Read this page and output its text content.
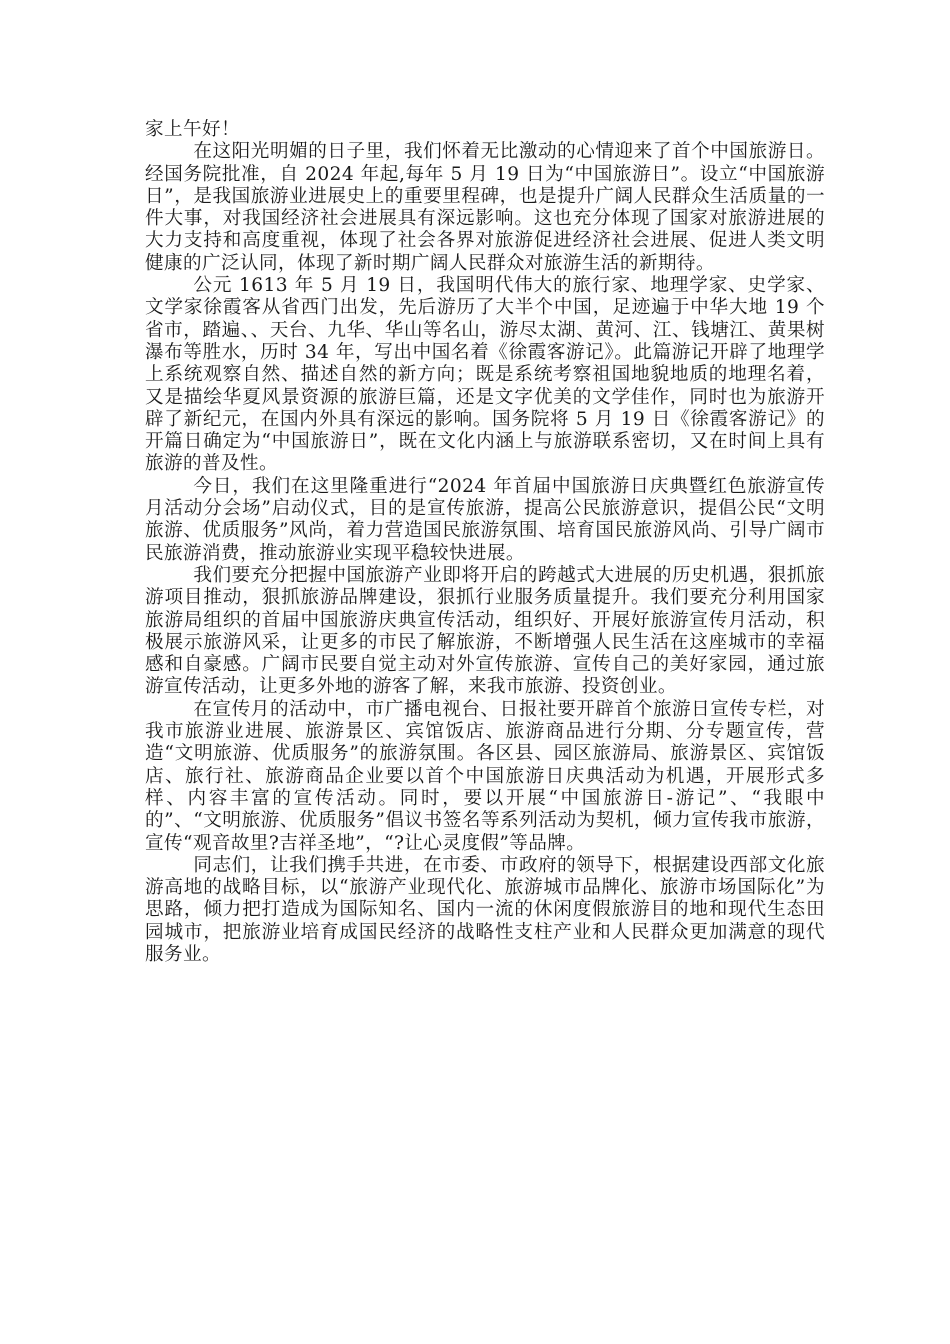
家上午好！

在这阳光明媚的日子里，我们怀着无比激动的心情迎来了首个中国旅游日。经国务院批准，自 2024 年起,每年 5 月 19 日为“中国旅游日”。设立“中国旅游日”，是我国旅游业进展史上的重要里程碑，也是提升广阔人民群众生活质量的一件大事，对我国经济社会进展具有深远影响。这也充分体现了国家对旅游进展的大力支持和高度重视，体现了社会各界对旅游促进经济社会进展、促进人类文明健康的广泛认同，体现了新时期广阔人民群众对旅游生活的新期待。

公元 1613 年 5 月 19 日，我国明代伟大的旅行家、地理学家、史学家、文学家徐霞客从省西门出发，先后游历了大半个中国，足迹遍于中华大地 19 个省市，踏遍、、天台、九华、华山等名山，游尽太湖、黄河、江、钱塘江、黄果树瀑布等胜水，历时 34 年，写出中国名着《徐霞客游记》。此篇游记开辟了地理学上系统观察自然、描述自然的新方向；既是系统考察祖国地貌地质的地理名着，又是描绘华夏风景资源的旅游巨篇，还是文字优美的文学佳作，同时也为旅游开辟了新纪元，在国内外具有深远的影响。国务院将 5 月 19 日《徐霞客游记》的开篇日确定为“中国旅游日”，既在文化内涵上与旅游联系密切，又在时间上具有旅游的普及性。

今日，我们在这里隆重进行“2024 年首届中国旅游日庆典暨红色旅游宣传月活动分会场”启动仪式，目的是宣传旅游，提高公民旅游意识，提倡公民“文明旅游、优质服务”风尚，着力营造国民旅游氛围、培育国民旅游风尚、引导广阔市民旅游消费，推动旅游业实现平稳较快进展。

我们要充分把握中国旅游产业即将开启的跨越式大进展的历史机遇，狠抓旅游项目推动，狠抓旅游品牌建设，狠抓行业服务质量提升。我们要充分利用国家旅游局组织的首届中国旅游庆典宣传活动，组织好、开展好旅游宣传月活动，积极展示旅游风采，让更多的市民了解旅游，不断增强人民生活在这座城市的幸福感和自豪感。广阔市民要自觉主动对外宣传旅游、宣传自己的美好家园，通过旅游宣传活动，让更多外地的游客了解，来我市旅游、投资创业。

在宣传月的活动中，市广播电视台、日报社要开辟首个旅游日宣传专栏，对我市旅游业进展、旅游景区、宾馆饭店、旅游商品进行分期、分专题宣传，营造“文明旅游、优质服务”的旅游氛围。各区县、园区旅游局、旅游景区、宾馆饭店、旅行社、旅游商品企业要以首个中国旅游日庆典活动为机遇，开展形式多样、内容丰富的宣传活动。同时，要以开展“中国旅游日-游记”、“我眼中的”、“文明旅游、优质服务”倡议书签名等系列活动为契机，倾力宣传我市旅游，宣传“观音故里?吉祥圣地”，“?让心灵度假”等品牌。

同志们，让我们携手共进，在市委、市政府的领导下，根据建设西部文化旅游高地的战略目标，以“旅游产业现代化、旅游城市品牌化、旅游市场国际化”为思路，倾力把打造成为国际知名、国内一流的休闲度假旅游目的地和现代生态田园城市，把旅游业培育成国民经济的战略性支柱产业和人民群众更加满意的现代服务业。
